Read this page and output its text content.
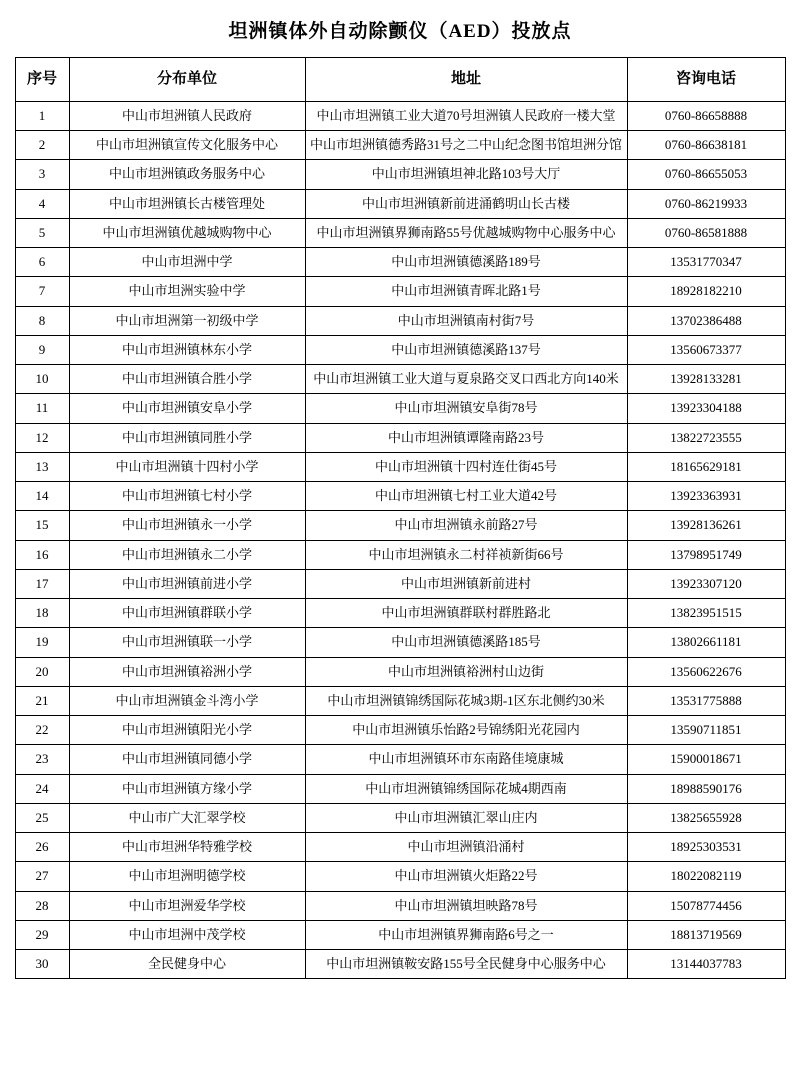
坦洲镇体外自动除颤仪（AED）投放点
序号	分布单位	地址	咨询电话
1	中山市坦洲镇人民政府	中山市坦洲镇工业大道70号坦洲镇人民政府一楼大堂	0760-86658888
2	中山市坦洲镇宣传文化服务中心	中山市坦洲镇德秀路31号之二中山纪念图书馆坦洲分馆	0760-86638181
3	中山市坦洲镇政务服务中心	中山市坦洲镇坦神北路103号大厅	0760-86655053
4	中山市坦洲镇长古楼管理处	中山市坦洲镇新前进涌鹤明山长古楼	0760-86219933
5	中山市坦洲镇优越城购物中心	中山市坦洲镇界狮南路55号优越城购物中心服务中心	0760-86581888
6	中山市坦洲中学	中山市坦洲镇德溪路189号	13531770347
7	中山市坦洲实验中学	中山市坦洲镇青晖北路1号	18928182210
8	中山市坦洲第一初级中学	中山市坦洲镇南村街7号	13702386488
9	中山市坦洲镇林东小学	中山市坦洲镇德溪路137号	13560673377
10	中山市坦洲镇合胜小学	中山市坦洲镇工业大道与夏泉路交叉口西北方向140米	13928133281
11	中山市坦洲镇安阜小学	中山市坦洲镇安阜街78号	13923304188
12	中山市坦洲镇同胜小学	中山市坦洲镇谭隆南路23号	13822723555
13	中山市坦洲镇十四村小学	中山市坦洲镇十四村连仕街45号	18165629181
14	中山市坦洲镇七村小学	中山市坦洲镇七村工业大道42号	13923363931
15	中山市坦洲镇永一小学	中山市坦洲镇永前路27号	13928136261
16	中山市坦洲镇永二小学	中山市坦洲镇永二村祥祯新街66号	13798951749
17	中山市坦洲镇前进小学	中山市坦洲镇新前进村	13923307120
18	中山市坦洲镇群联小学	中山市坦洲镇群联村群胜路北	13823951515
19	中山市坦洲镇联一小学	中山市坦洲镇德溪路185号	13802661181
20	中山市坦洲镇裕洲小学	中山市坦洲镇裕洲村山边街	13560622676
21	中山市坦洲镇金斗湾小学	中山市坦洲镇锦绣国际花城3期-1区东北侧约30米	13531775888
22	中山市坦洲镇阳光小学	中山市坦洲镇乐怡路2号锦绣阳光花园内	13590711851
23	中山市坦洲镇同德小学	中山市坦洲镇环市东南路佳境康城	15900018671
24	中山市坦洲镇方缘小学	中山市坦洲镇锦绣国际花城4期西南	18988590176
25	中山市广大汇翠学校	中山市坦洲镇汇翠山庄内	13825655928
26	中山市坦洲华特雅学校	中山市坦洲镇沿涌村	18925303531
27	中山市坦洲明德学校	中山市坦洲镇火炬路22号	18022082119
28	中山市坦洲爱华学校	中山市坦洲镇坦映路78号	15078774456
29	中山市坦洲中茂学校	中山市坦洲镇界狮南路6号之一	18813719569
30	全民健身中心	中山市坦洲镇鞍安路155号全民健身中心服务中心	13144037783
